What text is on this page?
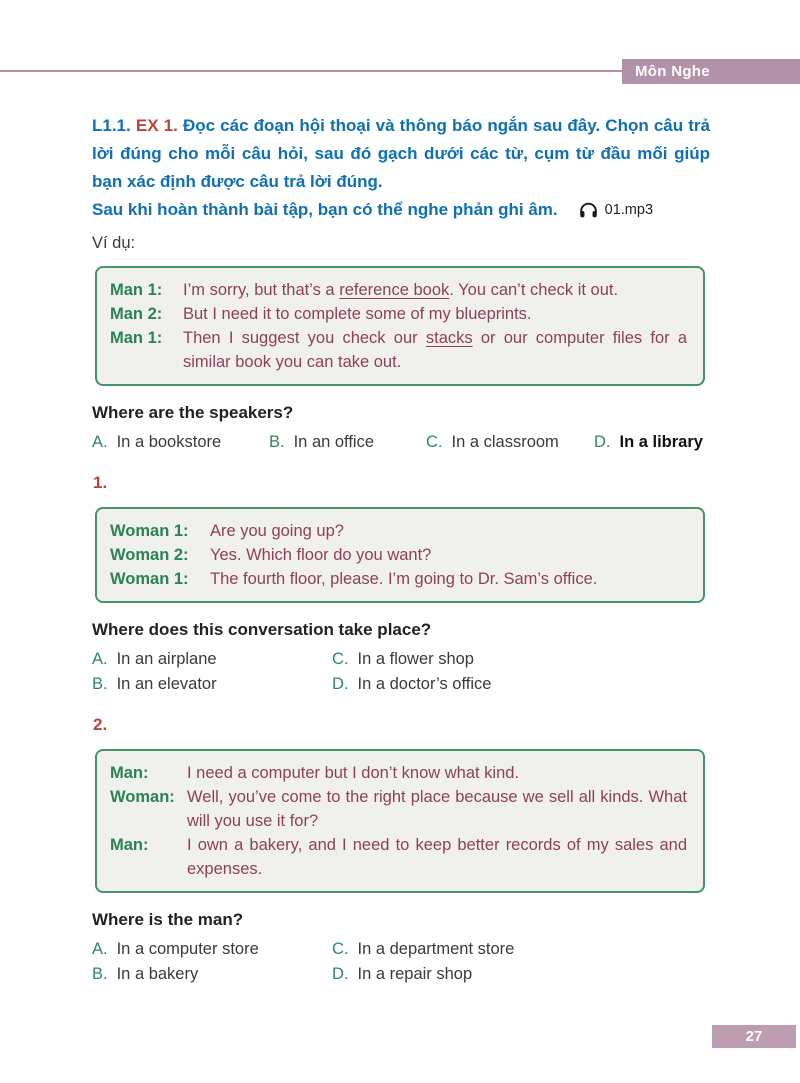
Môn Nghe

L1.1. EX 1. Đọc các đoạn hội thoại và thông báo ngắn sau đây. Chọn câu trả lời đúng cho mỗi câu hỏi, sau đó gạch dưới các từ, cụm từ đầu mối giúp bạn xác định được câu trả lời đúng.

Sau khi hoàn thành bài tập, bạn có thể nghe phản ghi âm.	01.mp3

Ví dụ:

Man 1:	I’m sorry, but that’s a reference book. You can’t check it out.
Man 2:	But I need it to complete some of my blueprints.
Man 1:	Then I suggest you check our stacks or our computer files for a similar book you can take out.
Where are the speakers?
A. In a bookstore	B. In an office	C. In a classroom D. In a library

1.

Woman 1:	Are you going up?
Woman 2:	Yes. Which floor do you want?
Woman 1:	The fourth floor, please. I’m going to Dr. Sam’s office.
Where does this conversation take place?
A. In an airplane
B. In an elevator
C. In a flower shop
D. In a doctor’s office

2.

Man:	I need a computer but I don’t know what kind.
Woman: Well, you’ve come to the right place because we sell all kinds. What will you use it for?
Man:	I own a bakery, and I need to keep better records of my sales and expenses.
Where is the man?
A. In a computer store
B. In a bakery
C. In a department store
D. In a repair shop
27
